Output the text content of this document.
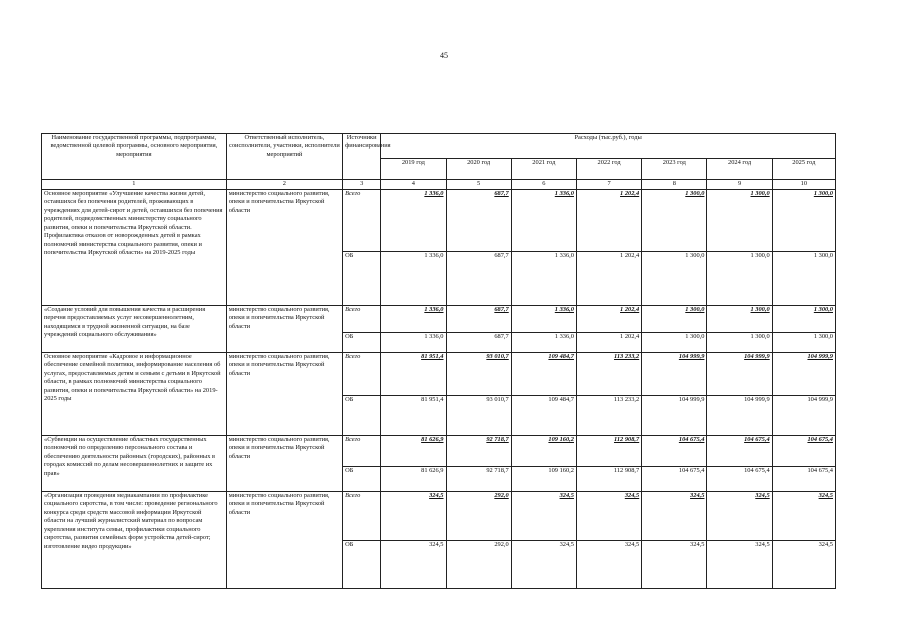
45
Наименование государственной программы, подпрограммы, ведомственной целевой программы, основного мероприятия, мероприятия	Ответственный исполнитель, соисполнители, участники, исполнители мероприятий	Источники финансирования	Расходы (тыс.руб.), годы						
			2019 год	2020 год	2021 год	2022 год	2023 год	2024 год	2025 год
1	2	3	4	5	6	7	8	9	10
Основное мероприятие «Улучшение качества жизни детей, оставшихся без попечения родителей, проживающих в учреждениях для детей-сирот и детей, оставшихся без попечения родителей, подведомственных министерству социального развития, опеки и попечительства Иркутской области. Профилактика отказов от новорожденных детей в рамках полномочий министерства социального развития, опеки и попечительства Иркутской области» на 2019-2025 годы	министерство социального развития, опеки и попечительства Иркутской области	Всего	1 336,0	687,7	1 336,0	1 202,4	1 300,0	1 300,0	1 300,0
		ОБ	1 336,0	687,7	1 336,0	1 202,4	1 300,0	1 300,0	1 300,0
«Создание условий для повышения качества и расширения перечня предоставляемых услуг несовершеннолетним, находящимся в трудной жизненной ситуации, на базе учреждений социального обслуживания»	министерство социального развития, опеки и попечительства Иркутской области	Всего	1 336,0	687,7	1 336,0	1 202,4	1 300,0	1 300,0	1 300,0
		ОБ	1 336,0	687,7	1 336,0	1 202,4	1 300,0	1 300,0	1 300,0
Основное мероприятие «Кадровое и информационное обеспечение семейной политики, информирование населения об услугах, предоставляемых детям и семьям с детьми в Иркутской области, в рамках полномочий министерства социального развития, опеки и попечительства Иркутской области» на 2019-2025 годы	министерство социального развития, опеки и попечительства Иркутской области	Всего	81 951,4	93 010,7	109 484,7	113 233,2	104 999,9	104 999,9	104 999,9
		ОБ	81 951,4	93 010,7	109 484,7	113 233,2	104 999,9	104 999,9	104 999,9
«Субвенции на осуществление областных государственных полномочий по определению персонального состава и обеспечению деятельности районных (городских), районных в городах комиссий по делам несовершеннолетних и защите их прав»	министерство социального развития, опеки и попечительства Иркутской области	Всего	81 626,9	92 718,7	109 160,2	112 908,7	104 675,4	104 675,4	104 675,4
		ОБ	81 626,9	92 718,7	109 160,2	112 908,7	104 675,4	104 675,4	104 675,4
«Организация проведения медиакампании по профилактике социального сиротства, в том числе: проведение регионального конкурса среди средств массовой информации Иркутской области на лучший журналистский материал по вопросам укрепления института семьи, профилактики социального сиротства, развития семейных форм устройства детей-сирот; изготовление видео продукции»	министерство социального развития, опеки и попечительства Иркутской области	Всего	324,5	292,0	324,5	324,5	324,5	324,5	324,5
		ОБ	324,5	292,0	324,5	324,5	324,5	324,5	324,5
